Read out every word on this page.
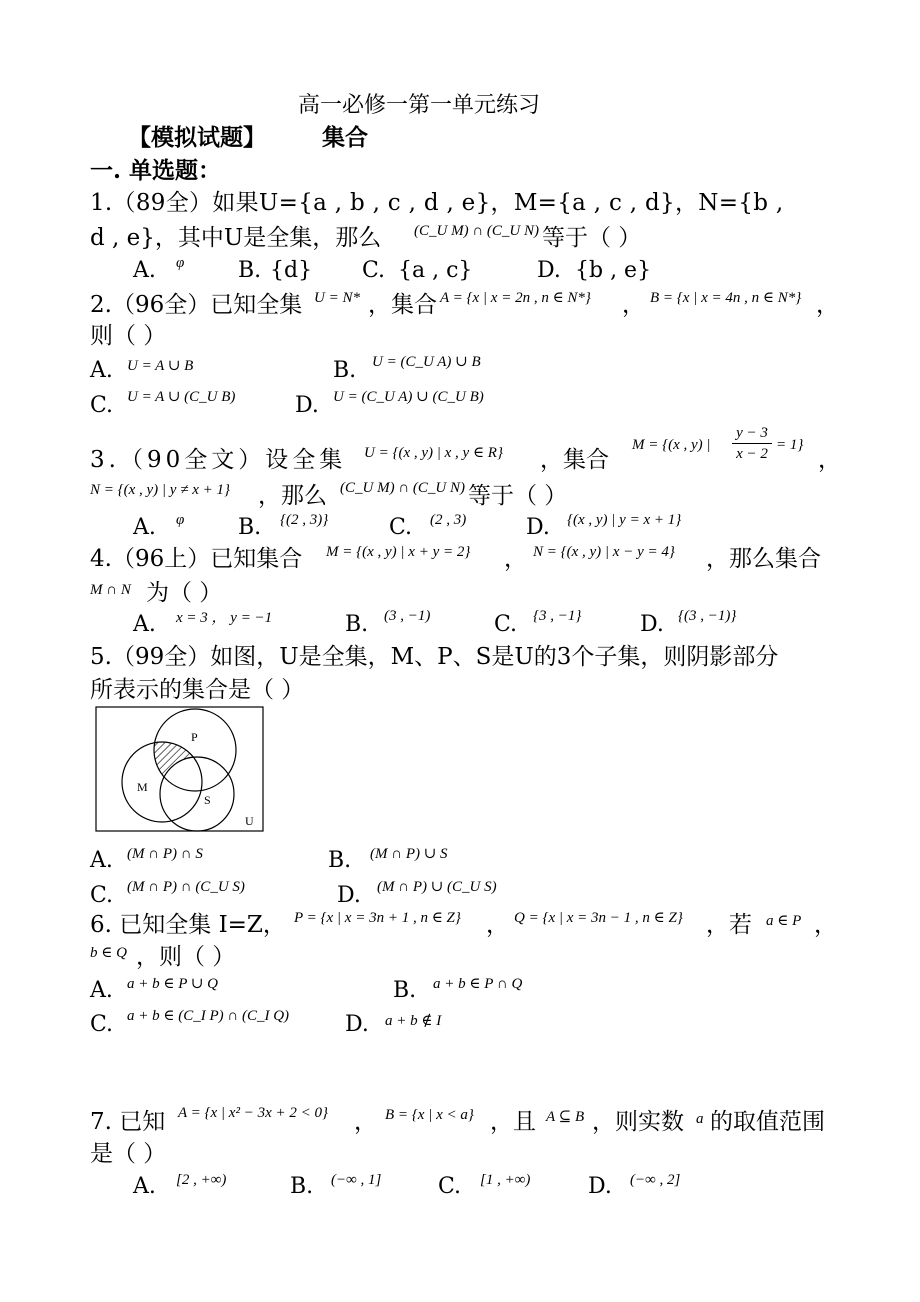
高一必修一第一单元练习
【模拟试题】 集合
一. 单选题：
1.（89全）如果U={a , b , c , d , e}，M={a , c , d}，N={b ,
d , e}，其中U是全集，那么 (C_U M) ∩ (C_U N) 等于（ ）
A. φ B. {d} C. {a , c}	D. {b , e}
2.（96全）已知全集 U = N* ，集合 A = {x | x = 2n , n ∈ N*} ， B = {x | x = 4n , n ∈ N*} ，
则（ ）
A. U = A ∪ B	B. U = (C_U A) ∪ B
C. U = A ∪ (C_U B)	D. U = (C_U A) ∪ (C_U B)
3.（90全文）设全集 U = {(x , y) | x , y ∈ R} ，集合
M = {(x , y) |
y − 3
x − 2
= 1}
，
N = {(x , y) | y ≠ x + 1} ，那么 (C_U M) ∩ (C_U N) 等于（ ）
A. φ B. {(2 , 3)}	C. (2 , 3)	D. {(x , y) | y = x + 1}
4.（96上）已知集合 M = {(x , y) | x + y = 2} ， N = {(x , y) | x − y = 4} ，那么集合
M ∩ N 为（ ）
A. x = 3 ， y = −1	B. (3 , −1)	C. {3 , −1}	D. {(3 , −1)}
5.（99全）如图，U是全集，M、P、S是U的3个子集，则阴影部分
所表示的集合是（ ）
P
M
S
U
A. (M ∩ P) ∩ S	B. (M ∩ P) ∪ S
C. (M ∩ P) ∩ (C_U S)	D. (M ∩ P) ∪ (C_U S)
6. 已知全集 I=Z， P = {x | x = 3n + 1 , n ∈ Z} ， Q = {x | x = 3n − 1 , n ∈ Z} ，若 a ∈ P ，
b ∈ Q ，则（ ）
A. a + b ∈ P ∪ Q	B. a + b ∈ P ∩ Q
C. a + b ∈ (C_I P) ∩ (C_I Q)	D. a + b ∉ I
7. 已知 A = {x | x² − 3x + 2 < 0} ， B = {x | x < a} ，且 A ⊆ B ，则实数 a 的取值范围
是（ ）
A. [2 , +∞)	B. (−∞ , 1]	C. [1 , +∞)	D. (−∞ , 2]
